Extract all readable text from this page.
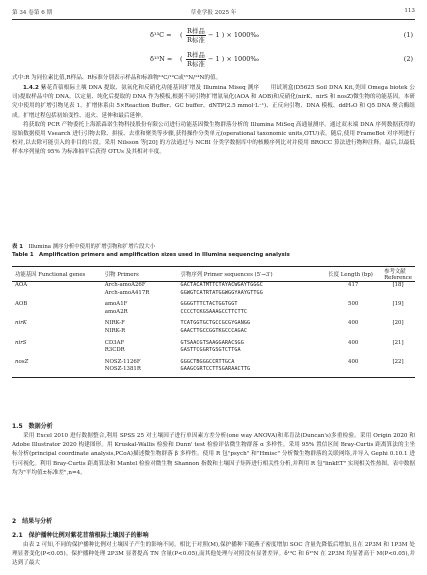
第 34 卷第 6 期	草业学报 2025 年	113
δ¹³C = ( R样品
R标准
− 1 ) × 1000‰	(1)
δ¹⁵N = ( R样品
R标准
− 1 ) × 1000‰	(2)
式中:R 为同位素比值,R样品、R标准分别表示样品和标准物¹³C/¹²C或¹⁵N/¹⁴N的值。

1.4.2 紫花苜蓿根际土壤 DNA 提取、氨氧化和反硝化功能基因扩增及 Illumina Miseq 测序　　用试剂盒(D5625 Soil DNA Kit,美国 Omega biotek 公司)提取样品中的 DNA。以定量、纯化后提取的 DNA 作为模板,根据不同引物扩增氨氧化(AOA 和 AOB)和反硝化(nirK、nirS 和 nosZ)微生物的功能基因。本研究中使用的扩增引物见表 1。扩增体系由 5×Reaction Buffer、GC buffer、dNTP(2.5 mmol·L⁻¹)、正反向引物、DNA 模板、ddH₂O 和 Q5 DNA 聚合酶组成。扩增过程包括初始变性、退火、延伸和最后延伸。

将获取的 PCR 产物委托上海派森诺生物科技股份有限公司进行功能基因微生物群落分析的 Illumina MiSeq 高通量测序。通过双末端 DNA 序列数据获得的原始数据使用 Vsearch 进行引物去除、拼接、去重和聚类等步骤,获得操作分类单元(operational taxonomic units,OTU)表。随后,使用 FrameBot 对序列进行校对,以去除可能引入的非目的片段。采用 Nilsson 等[20] 的方法通过与 NCBI 分类学数据库中的核酸序列比对并使用 BROCC 算法进行物种注释。最后,以最低样本序列量的 95% 为标准抽平后获得 OTUs 及其相对丰度。

表 1　 Illumina 测序分析中使用的扩增引物和扩增片段大小
Table 1　 Amplification primers and amplification sizes used in Illumina sequencing analysis
功能基因 Functional genes	引物 Primers	引物序列 Primer sequences (5′→3′)	长度 Length (bp)	参考文献 Reference
AOA	Arch-amoA26F	GACTACATMTTCTAYACWGAYTGGGC	417	[18]
	Arch-amoA417R	GGWGTCATRTATGGWGGYAAYGTTGG		
AOB	amoA1F	GGGGTTTCTACTGGTGGT	500	[19]
	amoA2R	CCCCTCKGSAAAGCCTTCTTC		
nirK	NIRK-F	TCATGGTGCTGCCGCGYGANGG	400	[20]
	NIRK-R	GAACTTGCCGGTKGCCCAGAC		
nirS	CD3AF	GTSAACGTSAAGGARACSGG	400	[21]
	R3CDR	GASTTCGGRTGSGTCTTGA		
nosZ	NOSZ-1126F	GGGCTBGGGCCRTTGCA	400	[22]
	NOSZ-1381R	GAAGCGRTCCTTSGARAACTTG		
1.5　数据分析
采用 Excel 2010 进行数据整合,利用 SPSS 25 对土壤因子进行单因素方差分析(one way ANOVA)和邓肯法(Duncan's)多重检验。采用 Origin 2020 和 Adobe Illustrator 2020 构建图形。用 Kruskal-Wallis 检验和 Dunn' test 检验评估微生物群落 α 多样性。采用 95% 置信区间 Bray-Curtis 距离算法的主坐标分析(principal coordinate analysis,PCoA)描述微生物群落 β 多样性。使用 R 包"psych" 和"Hmisc" 分析微生物群落的关联网络,并导入 Gephi 0.10.1 进行可视化。利用 Bray-Curtis 距离算法和 Mantel 检验对微生物 Shannon 指数和土壤因子矩阵进行相关性分析,并利用 R 包"linkET" 实现相关性热图。表中数据均为"平均值±标准差",n=4。
2　结果与分析
2.1　保护播种比例对紫花苜蓿根际土壤因子的影响
由表 2 可知,不同的保护播种比例对土壤因子产生的影响不同。相比于对照(M),保护播种下随燕子密度增加 SOC 含量先降低后增加,且在 2P3M 和 1P3M 处理显著变化(P<0.05)。保护播种处理 2P3M 显著提高 TN 含量(P<0.05),而其他处理与对照没有显著差异。δ¹³C 和 δ¹⁵N 在 2P3M 均显著高于 M(P<0.05),并达到了最大
